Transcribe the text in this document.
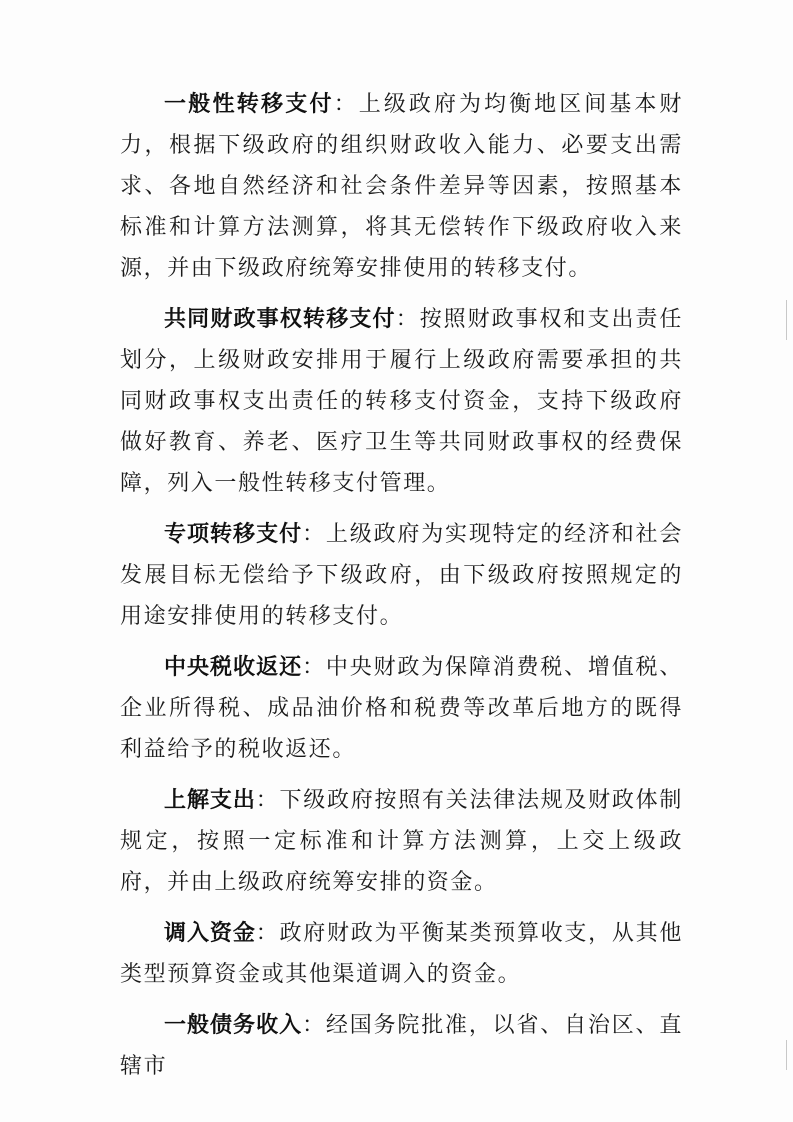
一般性转移支付：上级政府为均衡地区间基本财力，根据下级政府的组织财政收入能力、必要支出需求、各地自然经济和社会条件差异等因素，按照基本标准和计算方法测算，将其无偿转作下级政府收入来源，并由下级政府统筹安排使用的转移支付。

共同财政事权转移支付：按照财政事权和支出责任划分，上级财政安排用于履行上级政府需要承担的共同财政事权支出责任的转移支付资金，支持下级政府做好教育、养老、医疗卫生等共同财政事权的经费保障，列入一般性转移支付管理。

专项转移支付：上级政府为实现特定的经济和社会发展目标无偿给予下级政府，由下级政府按照规定的用途安排使用的转移支付。

中央税收返还：中央财政为保障消费税、增值税、企业所得税、成品油价格和税费等改革后地方的既得利益给予的税收返还。

上解支出：下级政府按照有关法律法规及财政体制规定，按照一定标准和计算方法测算，上交上级政府，并由上级政府统筹安排的资金。

调入资金：政府财政为平衡某类预算收支，从其他类型预算资金或其他渠道调入的资金。

一般债务收入：经国务院批准，以省、自治区、直辖市
